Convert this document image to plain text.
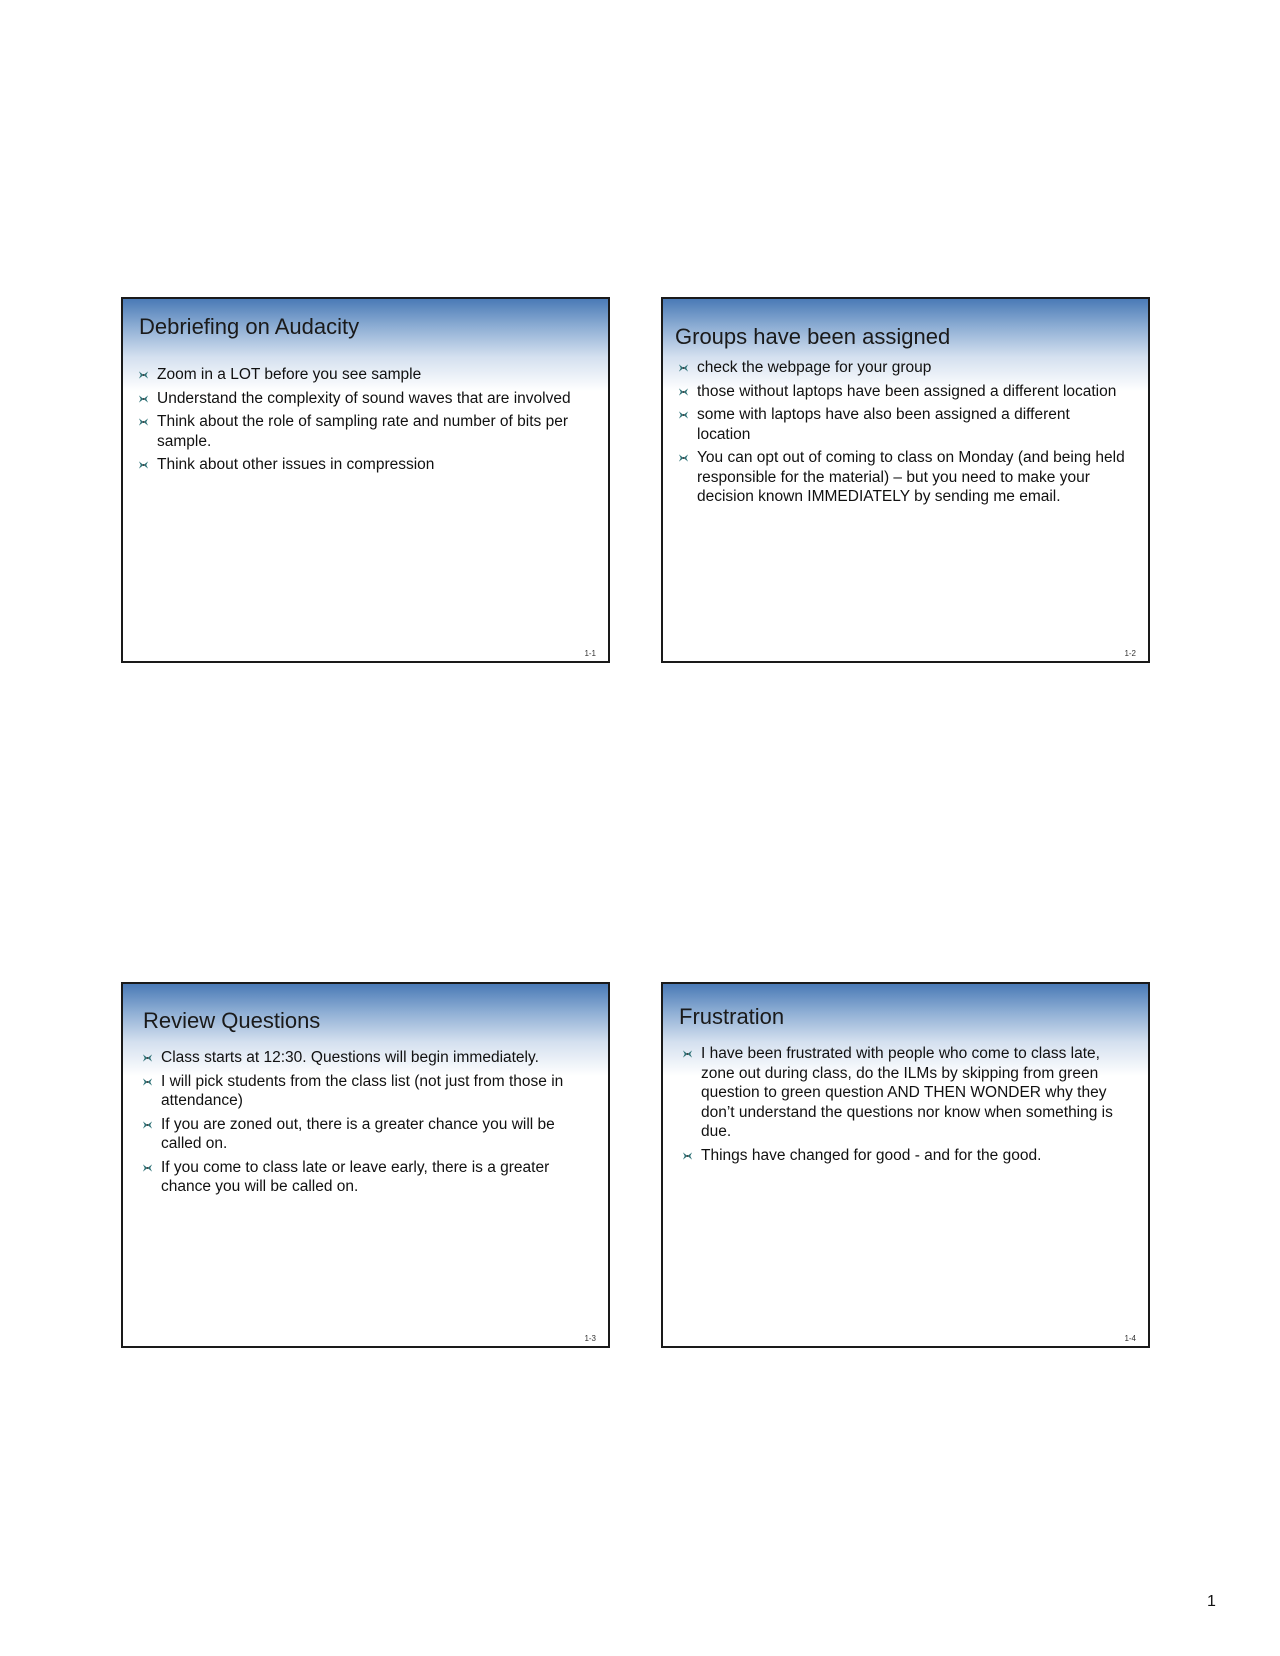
Debriefing on Audacity
Zoom in a LOT before you see sample
Understand the complexity of sound waves that are involved
Think about the role of sampling rate and number of bits per sample.
Think about other issues in compression
1-1
Groups have been assigned
check the webpage for your group
those without laptops have been assigned a different location
some with laptops have also been assigned a different location
You can opt out of coming to class on Monday (and being held responsible for the material) – but you need to make your decision known IMMEDIATELY by sending me email.
1-2
Review Questions
Class starts at 12:30. Questions will begin immediately.
I will pick students from the class list (not just from those in attendance)
If you are zoned out, there is a greater chance you will be called on.
If you come to class late or leave early, there is a greater chance you will be called on.
1-3
Frustration
I have been frustrated with people who come to class late, zone out during class, do the ILMs by skipping from green question to green question AND THEN WONDER why they don’t understand the questions nor know when something is due.
Things have changed for good - and for the good.
1-4
1
